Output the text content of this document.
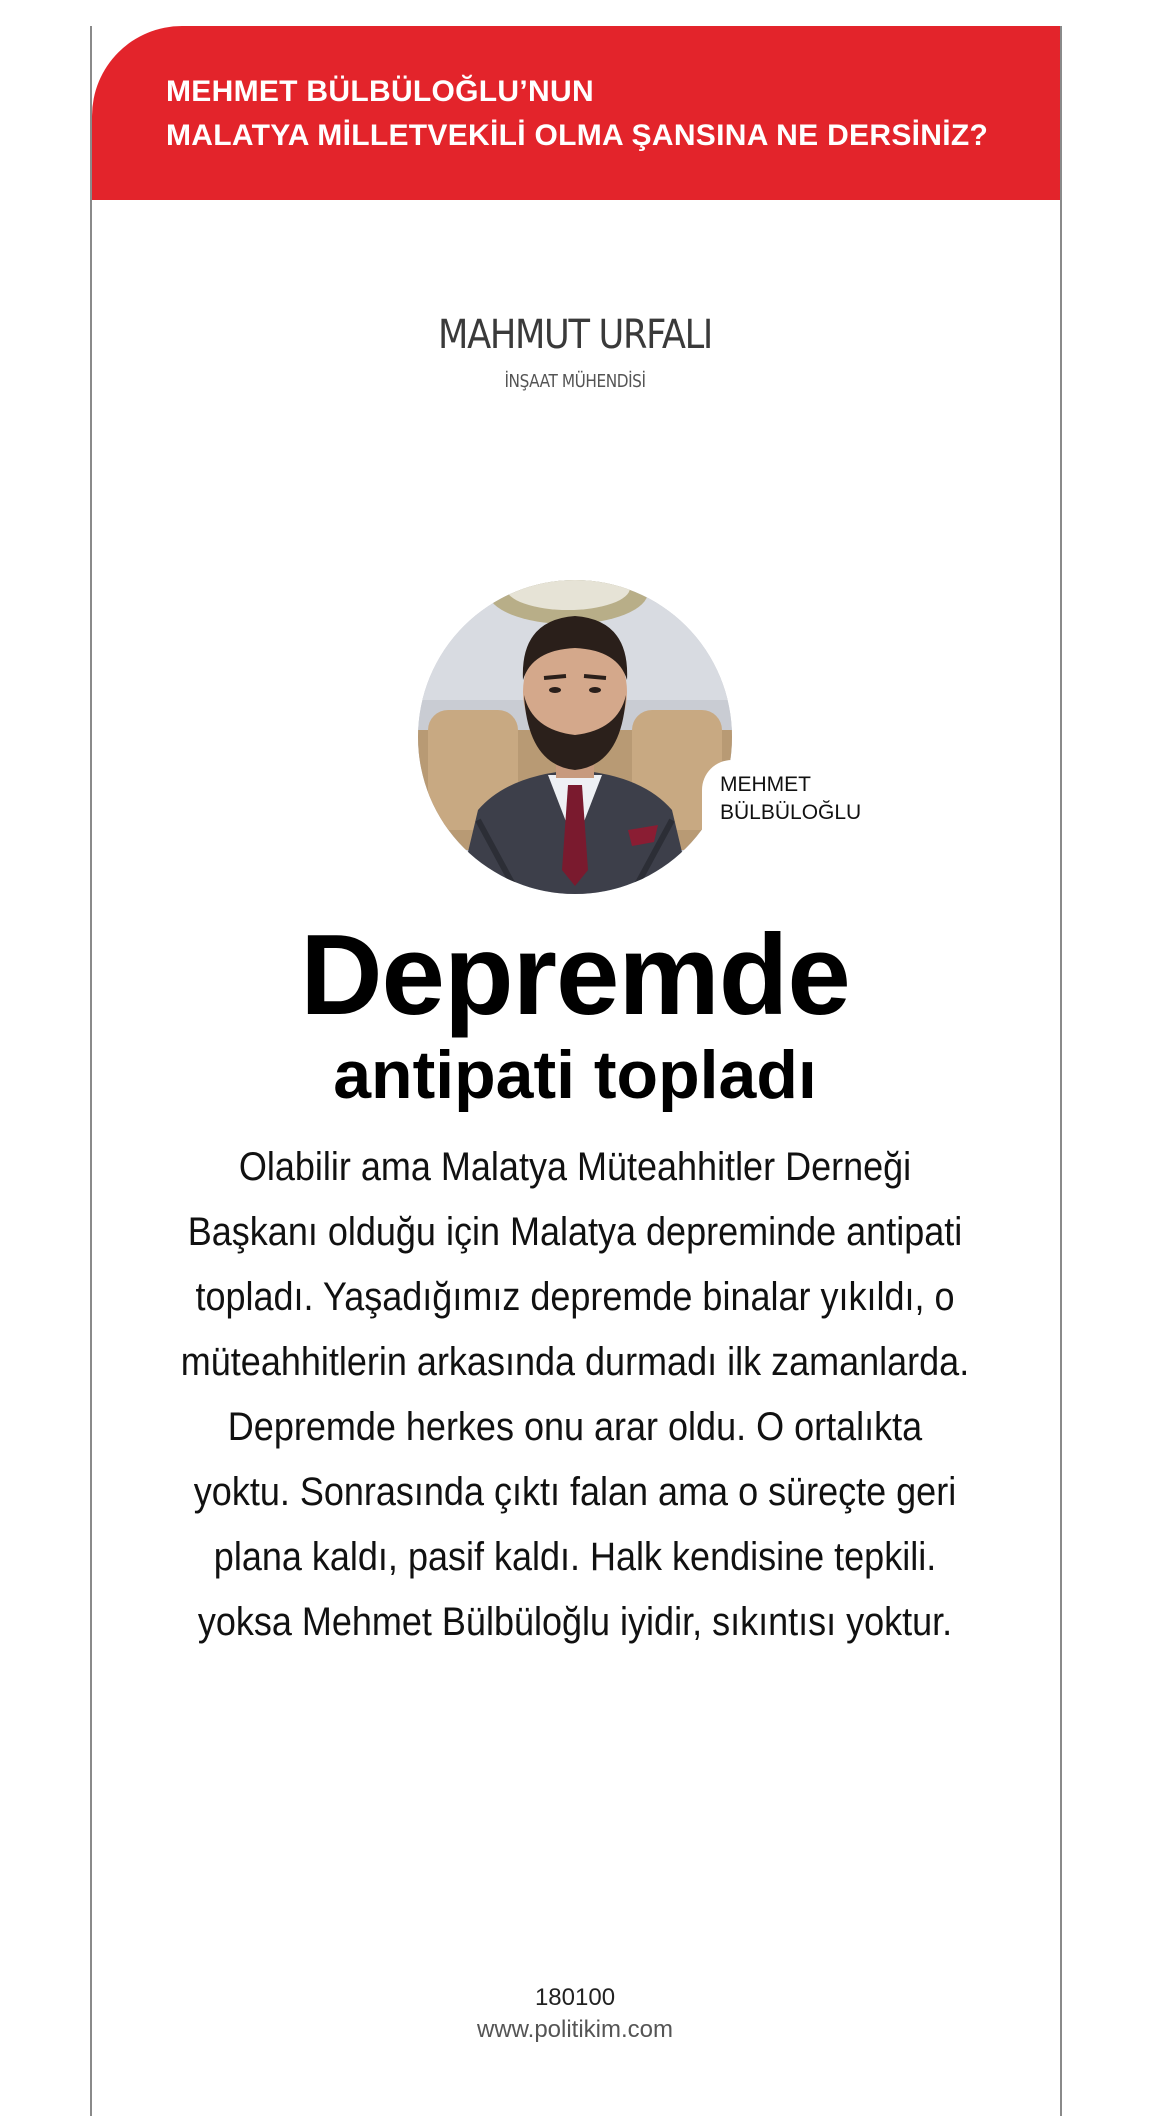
MEHMET BÜLBÜLOĞLU’NUN
MALATYA MİLLETVEKİLİ OLMA ŞANSINA NE DERSİNİZ?
MAHMUT URFALI
İNŞAAT MÜHENDİSİ
MEHMET
BÜLBÜLOĞLU
Depremde
antipati topladı
Olabilir ama Malatya Müteahhitler Derneği
Başkanı olduğu için Malatya depreminde antipati
topladı. Yaşadığımız depremde binalar yıkıldı, o
müteahhitlerin arkasında durmadı ilk zamanlarda.
Depremde herkes onu arar oldu. O ortalıkta
yoktu. Sonrasında çıktı falan ama o süreçte geri
plana kaldı, pasif kaldı. Halk kendisine tepkili.
yoksa Mehmet Bülbüloğlu iyidir, sıkıntısı yoktur.
180100
www.politikim.com
